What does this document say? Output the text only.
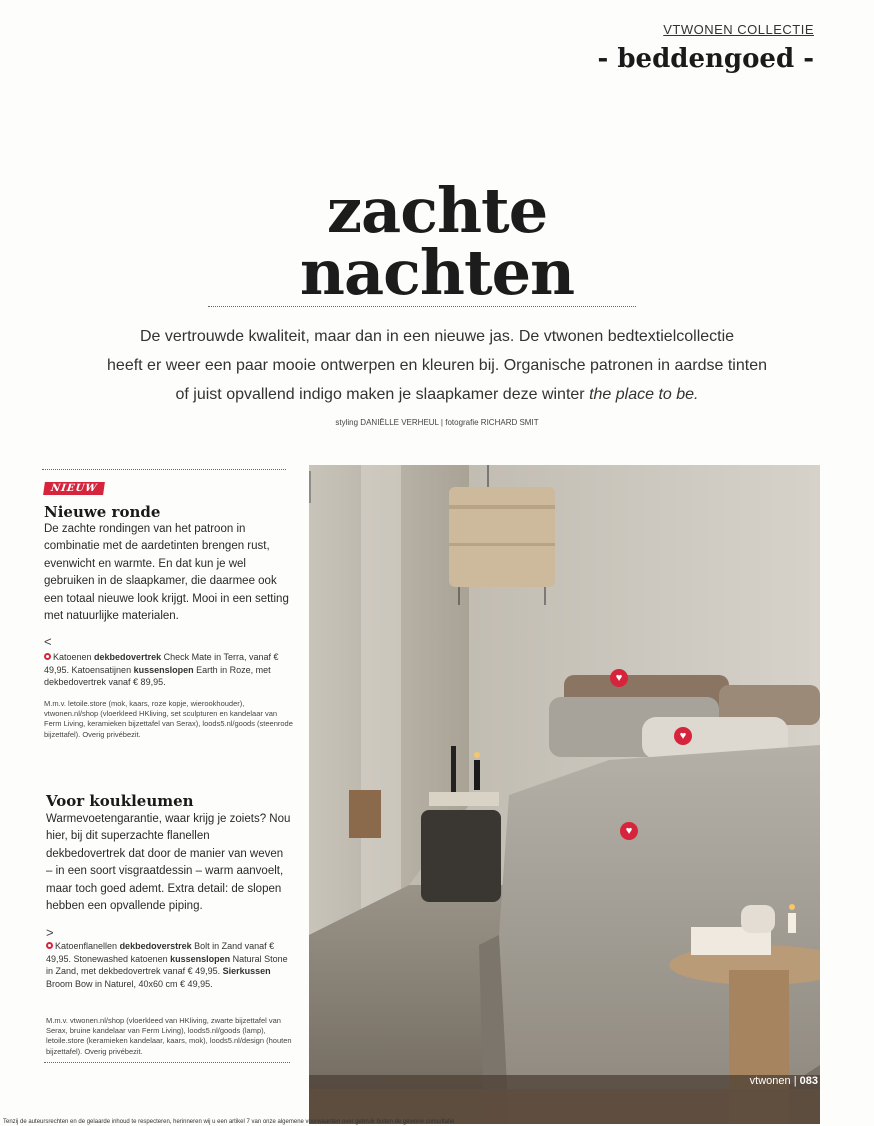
VTWONEN COLLECTIE
- beddengoed -
zachte
nachten
De vertrouwde kwaliteit, maar dan in een nieuwe jas. De vtwonen bedtextielcollectie
heeft er weer een paar mooie ontwerpen en kleuren bij. Organische patronen in aardse tinten
of juist opvallend indigo maken je slaapkamer deze winter the place to be.
styling DANIËLLE VERHEUL | fotografie RICHARD SMIT
NIEUW
Nieuwe ronde
De zachte rondingen van het patroon in combinatie met de aardetinten brengen rust, evenwicht en warmte. En dat kun je wel gebruiken in de slaapkamer, die daarmee ook een totaal nieuwe look krijgt. Mooi in een setting met natuurlijke materialen.
<
Katoenen dekbedovertrek Check Mate in Terra, vanaf € 49,95. Katoensatijnen kussenslopen Earth in Roze, met dekbedovertrek vanaf € 89,95.
M.m.v. letoile.store (mok, kaars, roze kopje, wierookhouder), vtwonen.nl/shop (vloerkleed HKliving, set sculpturen en kandelaar van Ferm Living, keramieken bijzettafel van Serax), loods5.nl/goods (steenrode bijzettafel). Overig privébezit.
Voor koukleumen
Warmevoetengarantie, waar krijg je zoiets? Nou hier, bij dit superzachte flanellen dekbedovertrek dat door de manier van weven – in een soort visgraatdessin – warm aanvoelt, maar toch goed ademt. Extra detail: de slopen hebben een opvallende piping.
>
Katoenflanellen dekbedoverstrek Bolt in Zand vanaf € 49,95. Stonewashed katoenen kussenslopen Natural Stone in Zand, met dekbedovertrek vanaf € 49,95. Sierkussen Broom Bow in Naturel, 40x60 cm € 49,95.
M.m.v. vtwonen.nl/shop (vloerkleed van HKliving, zwarte bijzettafel van Serax, bruine kandelaar van Ferm Living), loods5.nl/goods (lamp), letoile.store (keramieken kandelaar, kaars, mok), loods5.nl/design (houten bijzettafel). Overig privébezit.
♥
♥
♥
vtwonen | 083
Tenzij de auteursrechten en de gelaarde inhoud te respecteren, herinneren wij u een artikel 7 van onze algemene voorwaarden over gebruik buiten de gewone consultatie
